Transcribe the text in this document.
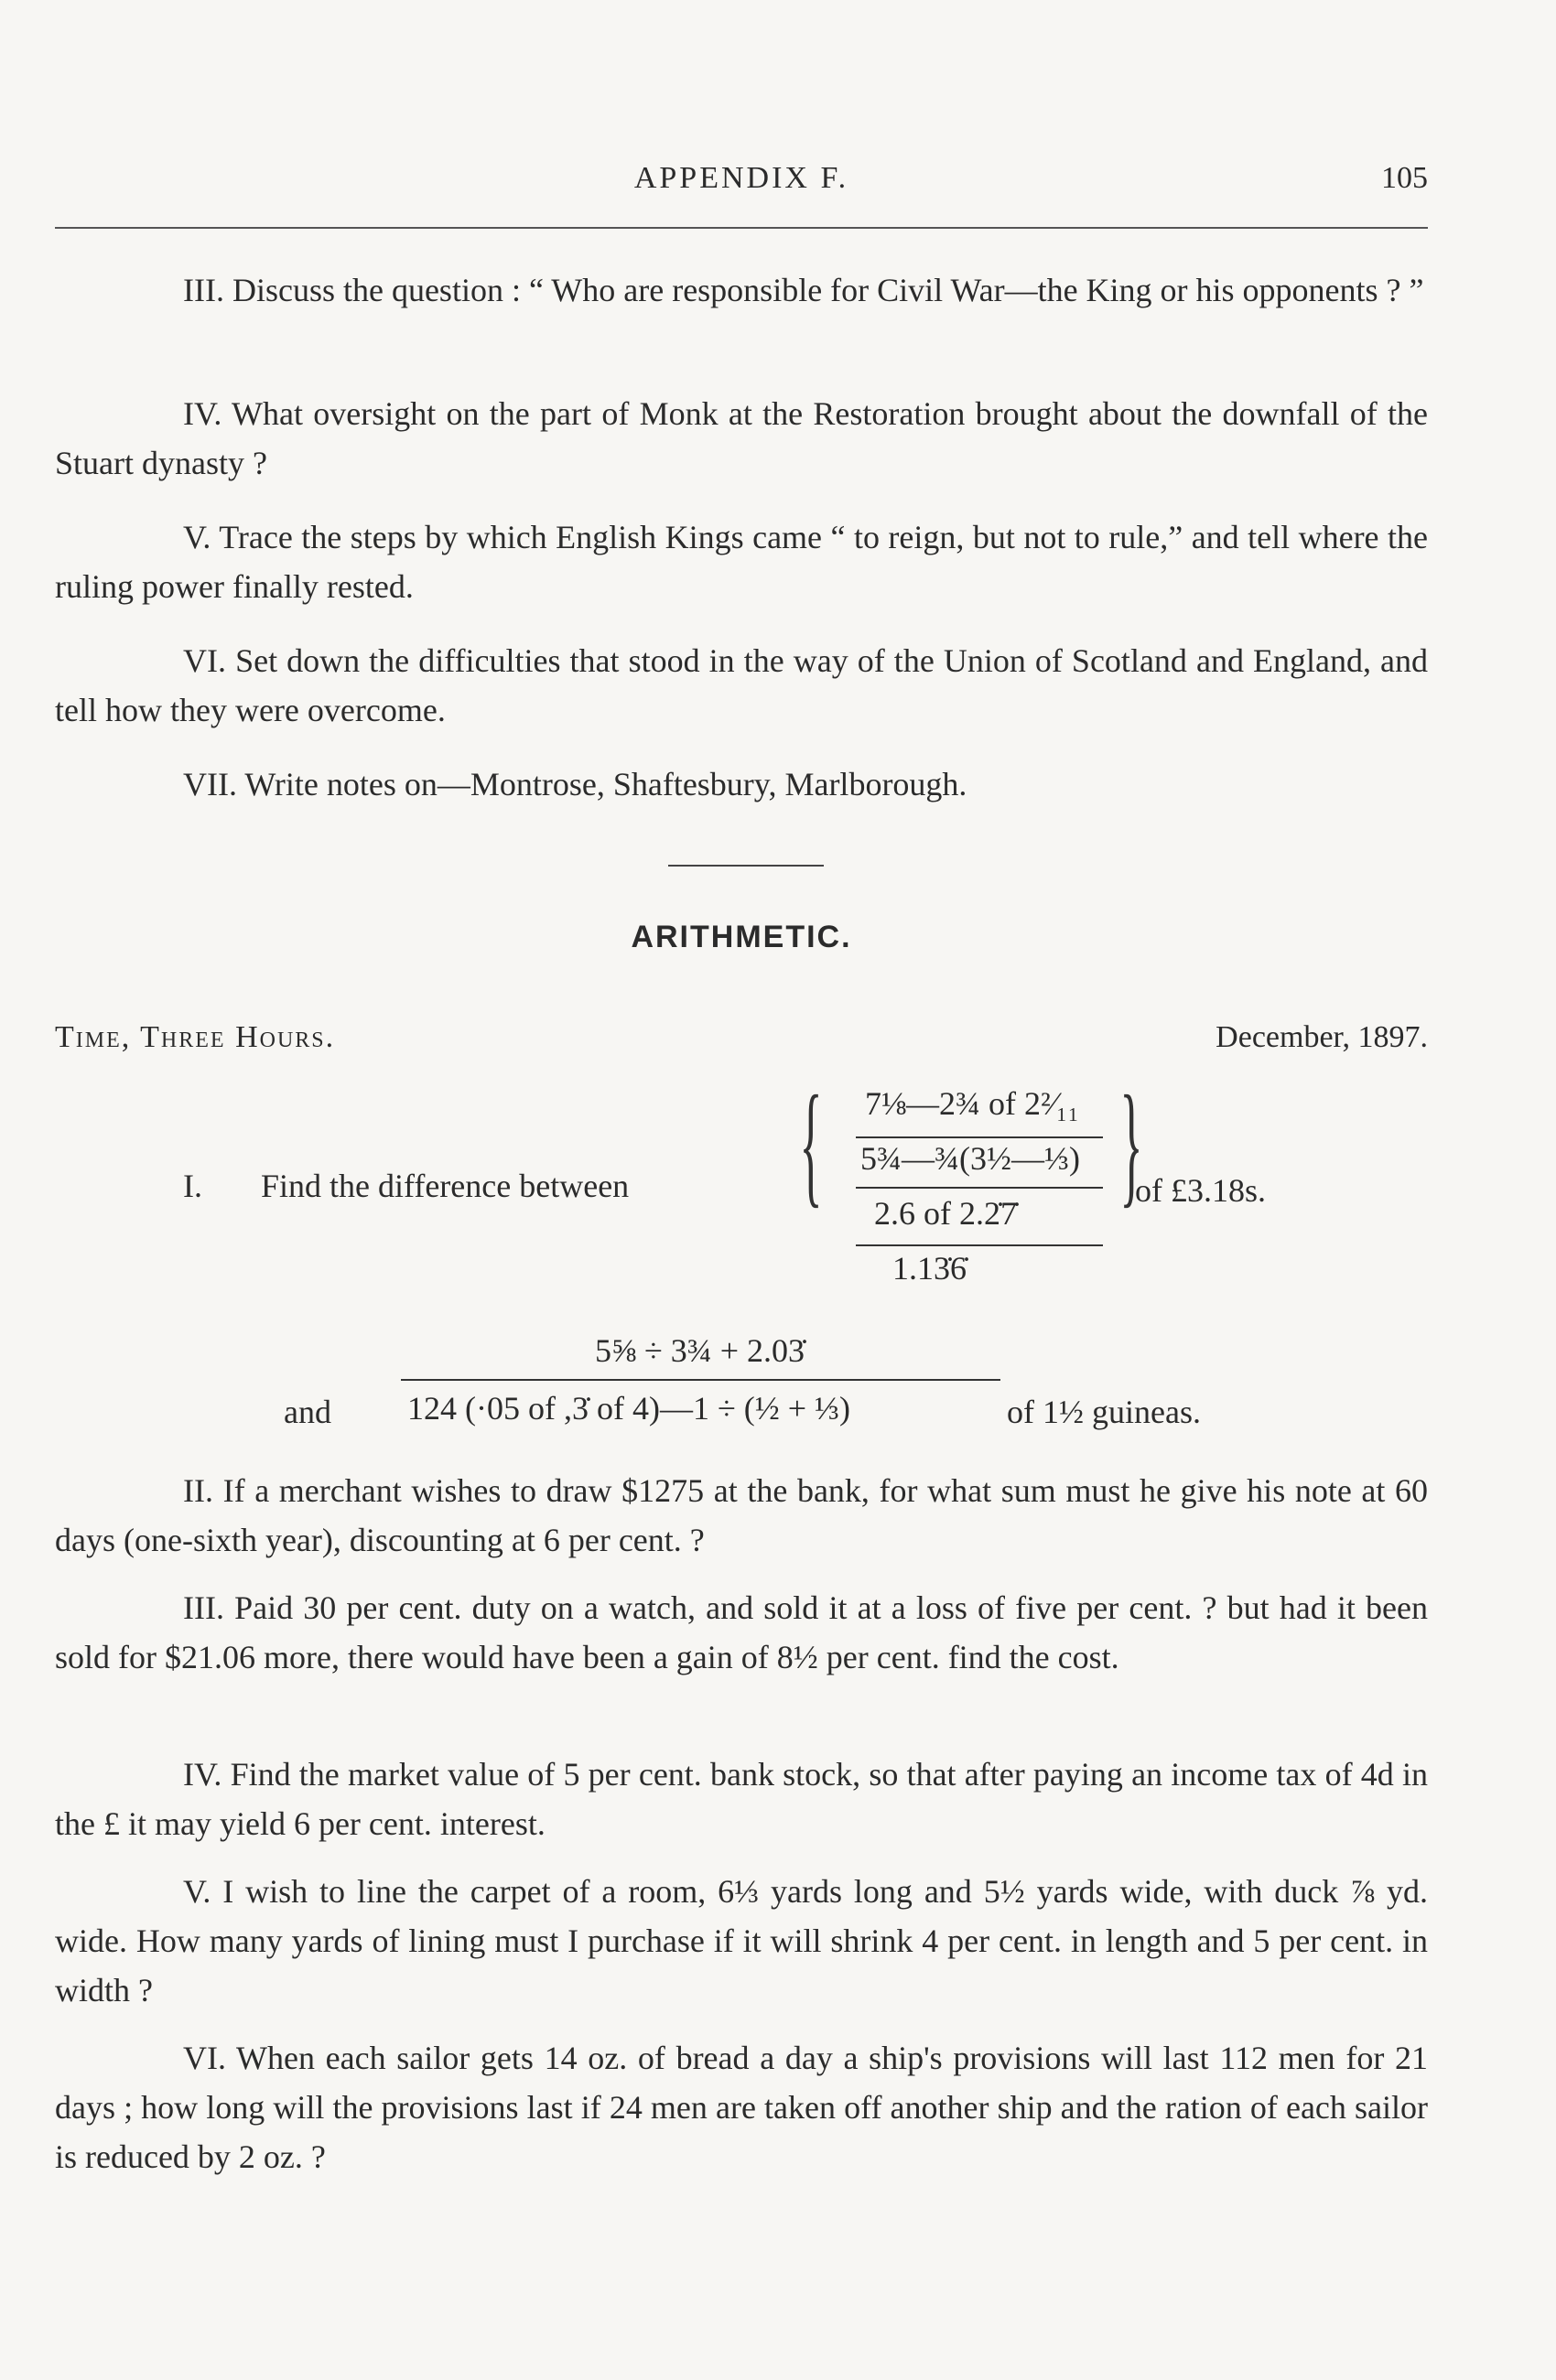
APPENDIX F.	105
III. Discuss the question : “ Who are responsible for Civil War—the King or his opponents ? ”
IV. What oversight on the part of Monk at the Restoration brought about the downfall of the Stuart dynasty ?
V. Trace the steps by which English Kings came “ to reign, but not to rule,” and tell where the ruling power finally rested.
VI. Set down the difficulties that stood in the way of the Union of Scotland and England, and tell how they were overcome.
VII. Write notes on—Montrose, Shaftesbury, Marlborough.
ARITHMETIC.
Time, Three Hours.	December, 1897.
I. Find the difference between { 7⅛—2¾ of 2²⁄₁₁
5¾—¾(3½—⅓)
2.6 of 2.2̇7̇
1.13̇6̇
}
of £3.18s.
and
5⅝ ÷ 3¾ + 2.03̇
124 (·05 of ,3̇ of 4)—1 ÷ (½ + ⅓)	of 1½ guineas.
II. If a merchant wishes to draw $1275 at the bank, for what sum must he give his note at 60 days (one-sixth year), discounting at 6 per cent. ?
III. Paid 30 per cent. duty on a watch, and sold it at a loss of five per cent. ? but had it been sold for $21.06 more, there would have been a gain of 8½ per cent. find the cost.
IV. Find the market value of 5 per cent. bank stock, so that after paying an income tax of 4d in the £ it may yield 6 per cent. interest.
V. I wish to line the carpet of a room, 6⅓ yards long and 5½ yards wide, with duck ⅞ yd. wide. How many yards of lining must I purchase if it will shrink 4 per cent. in length and 5 per cent. in width ?
VI. When each sailor gets 14 oz. of bread a day a ship's provisions will last 112 men for 21 days ; how long will the provisions last if 24 men are taken off another ship and the ration of each sailor is reduced by 2 oz. ?
